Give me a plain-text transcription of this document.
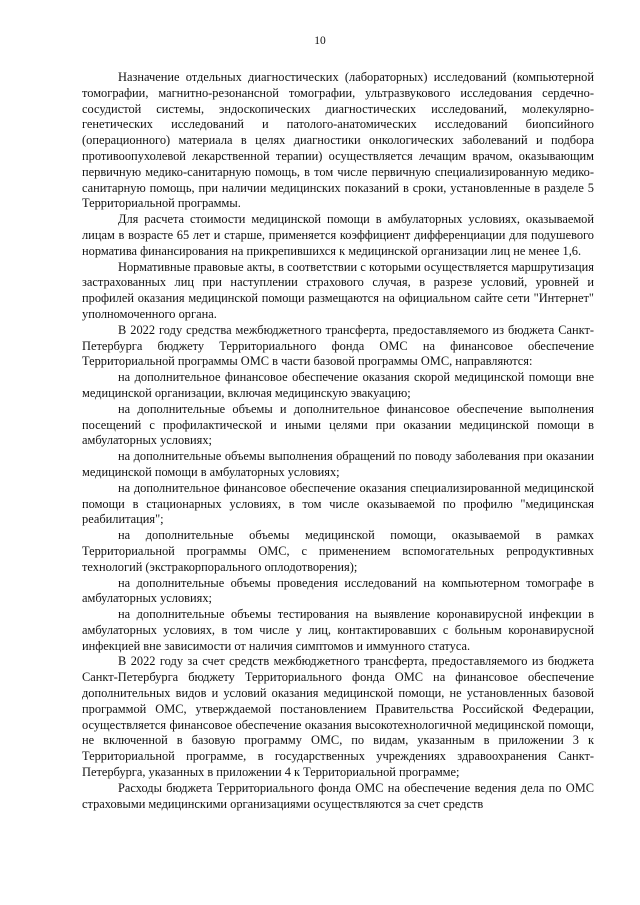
10

Назначение отдельных диагностических (лабораторных) исследований (компьютерной томографии, магнитно-резонансной томографии, ультразвукового исследования сердечно-сосудистой системы, эндоскопических диагностических исследований, молекулярно-генетических исследований и патолого-анатомических исследований биопсийного (операционного) материала в целях диагностики онкологических заболеваний и подбора противоопухолевой лекарственной терапии) осуществляется лечащим врачом, оказывающим первичную медико-санитарную помощь, в том числе первичную специализированную медико-санитарную помощь, при наличии медицинских показаний в сроки, установленные в разделе 5 Территориальной программы.

Для расчета стоимости медицинской помощи в амбулаторных условиях, оказываемой лицам в возрасте 65 лет и старше, применяется коэффициент дифференциации для подушевого норматива финансирования на прикрепившихся к медицинской организации лиц не менее 1,6.

Нормативные правовые акты, в соответствии с которыми осуществляется маршрутизация застрахованных лиц при наступлении страхового случая, в разрезе условий, уровней и профилей оказания медицинской помощи размещаются на официальном сайте сети "Интернет" уполномоченного органа.

В 2022 году средства межбюджетного трансферта, предоставляемого из бюджета Санкт-Петербурга бюджету Территориального фонда ОМС на финансовое обеспечение Территориальной программы ОМС в части базовой программы ОМС, направляются:

на дополнительное финансовое обеспечение оказания скорой медицинской помощи вне медицинской организации, включая медицинскую эвакуацию;

на дополнительные объемы и дополнительное финансовое обеспечение выполнения посещений с профилактической и иными целями при оказании медицинской помощи в амбулаторных условиях;

на дополнительные объемы выполнения обращений по поводу заболевания при оказании медицинской помощи в амбулаторных условиях;

на дополнительное финансовое обеспечение оказания специализированной медицинской помощи в стационарных условиях, в том числе оказываемой по профилю "медицинская реабилитация";

на дополнительные объемы медицинской помощи, оказываемой в рамках Территориальной программы ОМС, с применением вспомогательных репродуктивных технологий (экстракорпорального оплодотворения);

на дополнительные объемы проведения исследований на компьютерном томографе в амбулаторных условиях;

на дополнительные объемы тестирования на выявление коронавирусной инфекции в амбулаторных условиях, в том числе у лиц, контактировавших с больным коронавирусной инфекцией вне зависимости от наличия симптомов и иммунного статуса.

В 2022 году за счет средств межбюджетного трансферта, предоставляемого из бюджета Санкт-Петербурга бюджету Территориального фонда ОМС на финансовое обеспечение дополнительных видов и условий оказания медицинской помощи, не установленных базовой программой ОМС, утверждаемой постановлением Правительства Российской Федерации, осуществляется финансовое обеспечение оказания высокотехнологичной медицинской помощи, не включенной в базовую программу ОМС, по видам, указанным в приложении 3 к Территориальной программе, в государственных учреждениях здравоохранения Санкт-Петербурга, указанных в приложении 4 к Территориальной программе;

Расходы бюджета Территориального фонда ОМС на обеспечение ведения дела по ОМС страховыми медицинскими организациями осуществляются за счет средств
